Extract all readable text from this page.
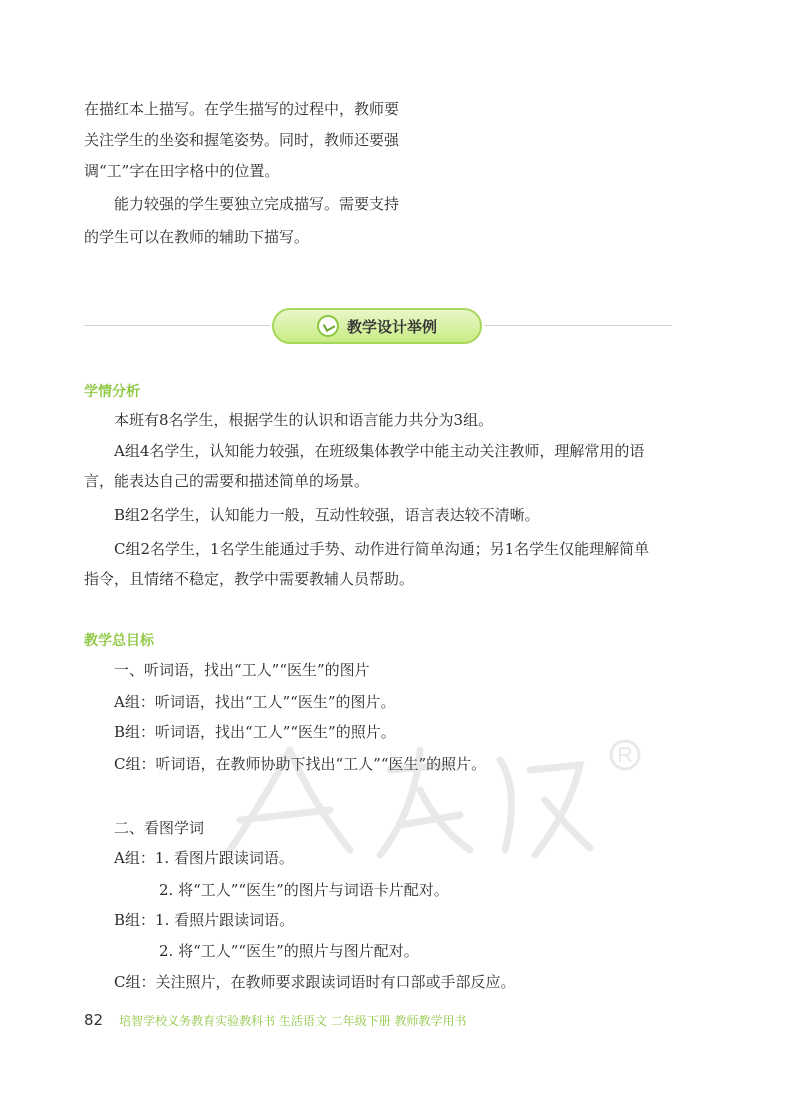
在描红本上描写。在学生描写的过程中，教师要

关注学生的坐姿和握笔姿势。同时，教师还要强

调“工”字在田字格中的位置。

　　能力较强的学生要独立完成描写。需要支持

的学生可以在教师的辅助下描写。

教学设计举例
学情分析

　　本班有8名学生，根据学生的认识和语言能力共分为3组。

　　A组4名学生，认知能力较强，在班级集体教学中能主动关注教师，理解常用的语

言，能表达自己的需要和描述简单的场景。

　　B组2名学生，认知能力一般，互动性较强，语言表达较不清晰。

　　C组2名学生，1名学生能通过手势、动作进行简单沟通；另1名学生仅能理解简单

指令，且情绪不稳定，教学中需要教辅人员帮助。

教学总目标

　　一、听词语，找出“工人”“医生”的图片

　　A组：听词语，找出“工人”“医生”的图片。

　　B组：听词语，找出“工人”“医生”的照片。

　　C组：听词语，在教师协助下找出“工人”“医生”的照片。

　　二、看图学词

　　A组：1. 看图片跟读词语。

　　　　　2. 将“工人”“医生”的图片与词语卡片配对。

　　B组：1. 看照片跟读词语。

　　　　　2. 将“工人”“医生”的照片与图片配对。

　　C组：关注照片，在教师要求跟读词语时有口部或手部反应。

82 培智学校义务教育实验教科书 生活语文 二年级下册 教师教学用书
